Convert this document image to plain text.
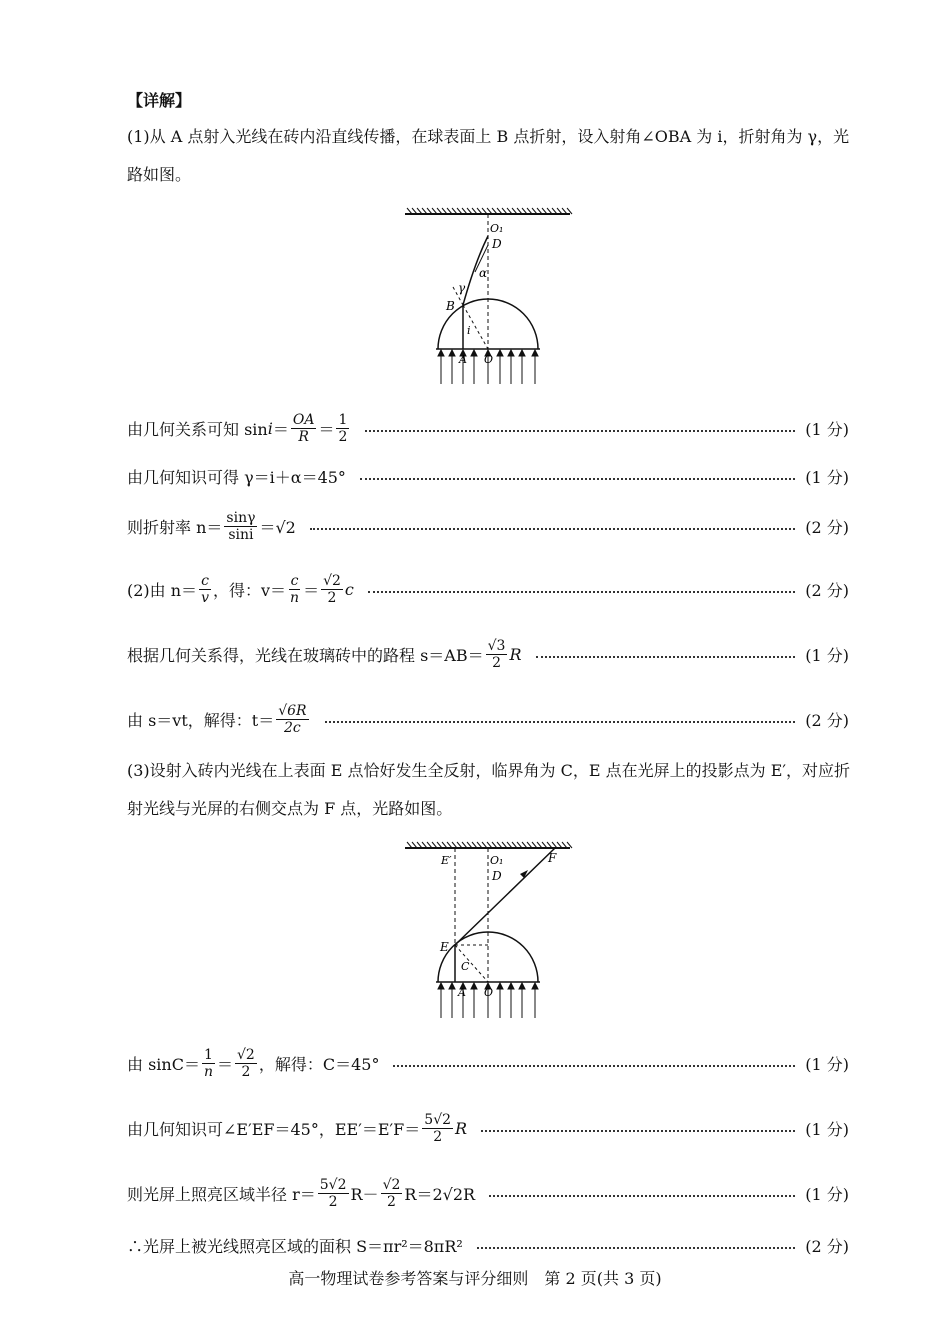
【详解】
(1)从 A 点射入光线在砖内沿直线传播，在球表面上 B 点折射，设入射角∠OBA 为 i，折射角为 γ，光路如图。
O₁
D
α
γ
B
i
A O
由几何关系可知 $\sin i = \frac{OA}{R} = \frac{1}{2}$	(1 分)
由几何知识可得 γ＝i＋α＝45°	(1 分)
则折射率 $n= \frac{\sin\gamma}{\sin i} =√2$	(2 分)
(2)由 $n= \frac{c}{v}$ ，得：$v= \frac{c}{n} = \frac{√2}{2}$ c	(2 分)
根据几何关系得，光线在玻璃砖中的路程 $s=AB= \frac{√3}{2}$ R	(1 分)
由 s＝vt，解得：$t= \frac{√6R}{2c}$	(2 分)
(3)设射入砖内光线在上表面 E 点恰好发生全反射，临界角为 C，E 点在光屏上的投影点为 E′，对应折射光线与光屏的右侧交点为 F 点，光路如图。
E′	O₁	F
D
E
C
A O
由 $\sin C= \frac{1}{n} = \frac{√2}{2}$ ，解得：C＝45°	(1 分)
由几何知识可∠E′EF＝45°，$EE'=E'F= \frac{5√2}{2}$ R	(1 分)
则光屏上照亮区域半径 $r= \frac{5√2}{2} R- \frac{√2}{2} R=2√2R$	(1 分)
∴光屏上被光线照亮区域的面积 S＝πr²＝8πR²	(2 分)
高一物理试卷参考答案与评分细则　第 2 页(共 3 页)
